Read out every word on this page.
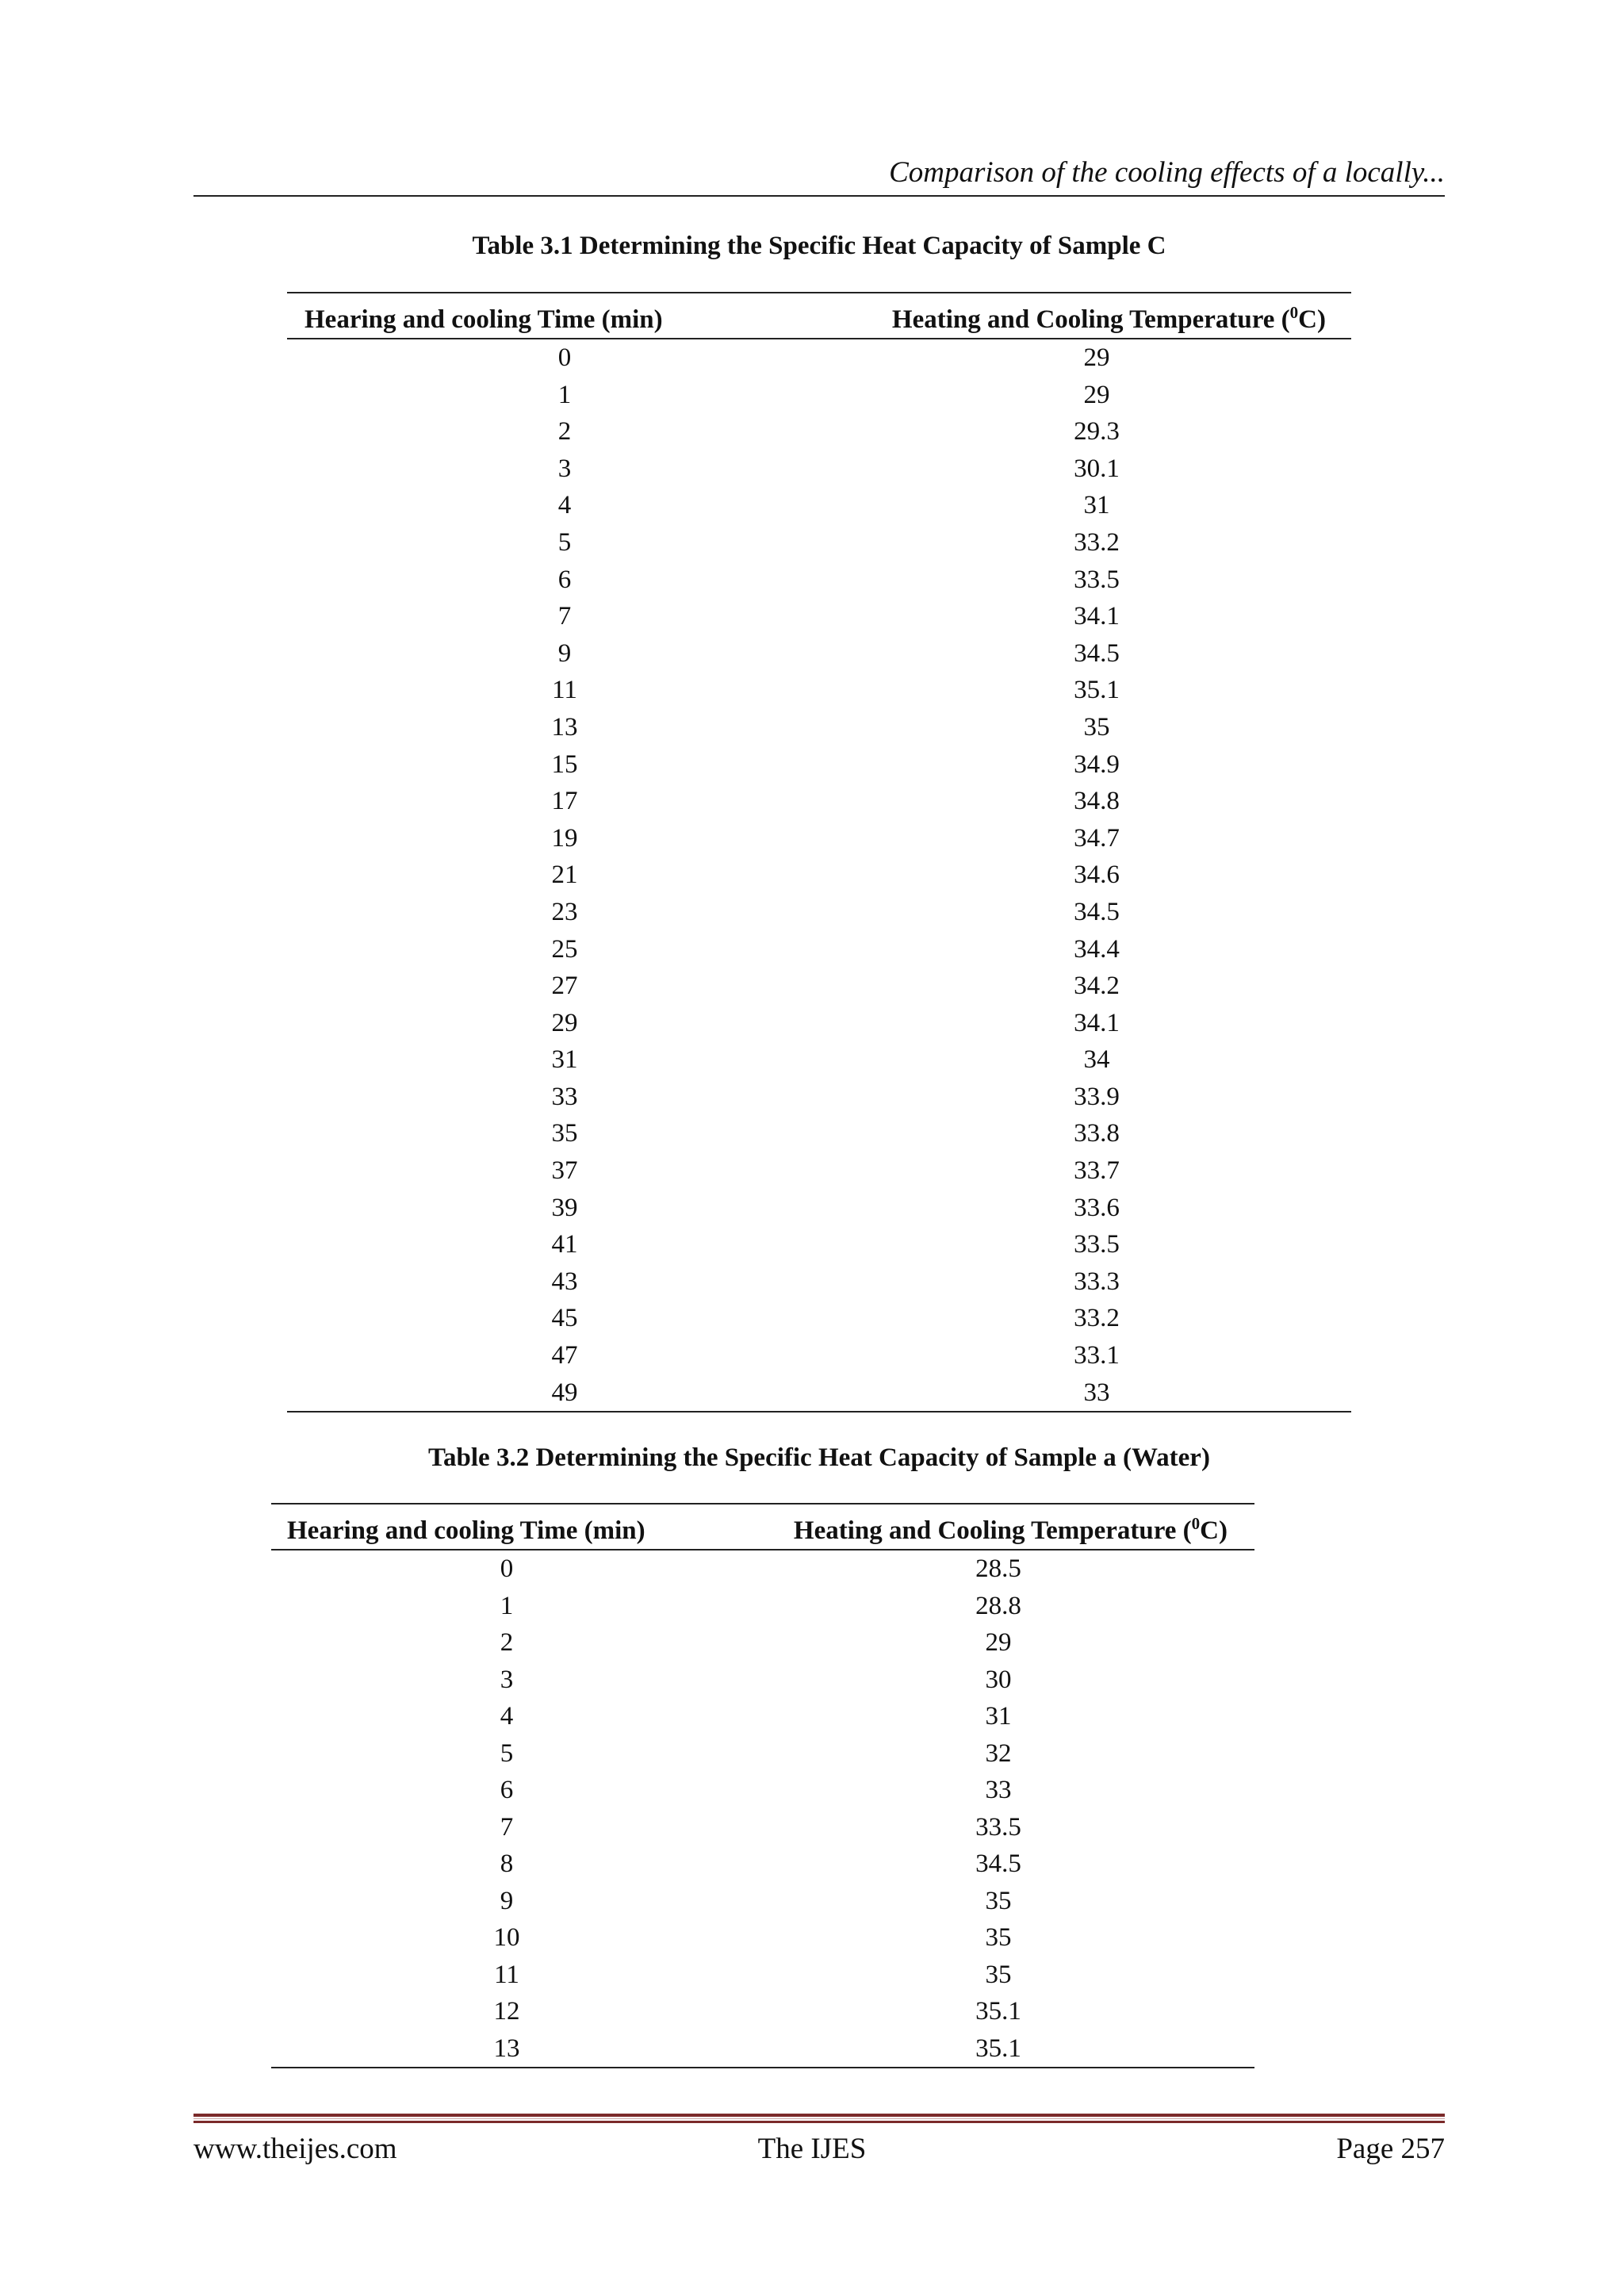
Comparison of the cooling effects of a locally...
Table 3.1 Determining the Specific Heat Capacity of Sample C
Hearing and cooling Time (min)	Heating and Cooling Temperature ($^0$C)
0	29
1	29
2	29.3
3	30.1
4	31
5	33.2
6	33.5
7	34.1
9	34.5
11	35.1
13	35
15	34.9
17	34.8
19	34.7
21	34.6
23	34.5
25	34.4
27	34.2
29	34.1
31	34
33	33.9
35	33.8
37	33.7
39	33.6
41	33.5
43	33.3
45	33.2
47	33.1
49	33
Table 3.2 Determining the Specific Heat Capacity of Sample a (Water)
Hearing and cooling Time (min)	Heating and Cooling Temperature ($^0$C)
0	28.5
1	28.8
2	29
3	30
4	31
5	32
6	33
7	33.5
8	34.5
9	35
10	35
11	35
12	35.1
13	35.1
www.theijes.com	The IJES	Page 257
